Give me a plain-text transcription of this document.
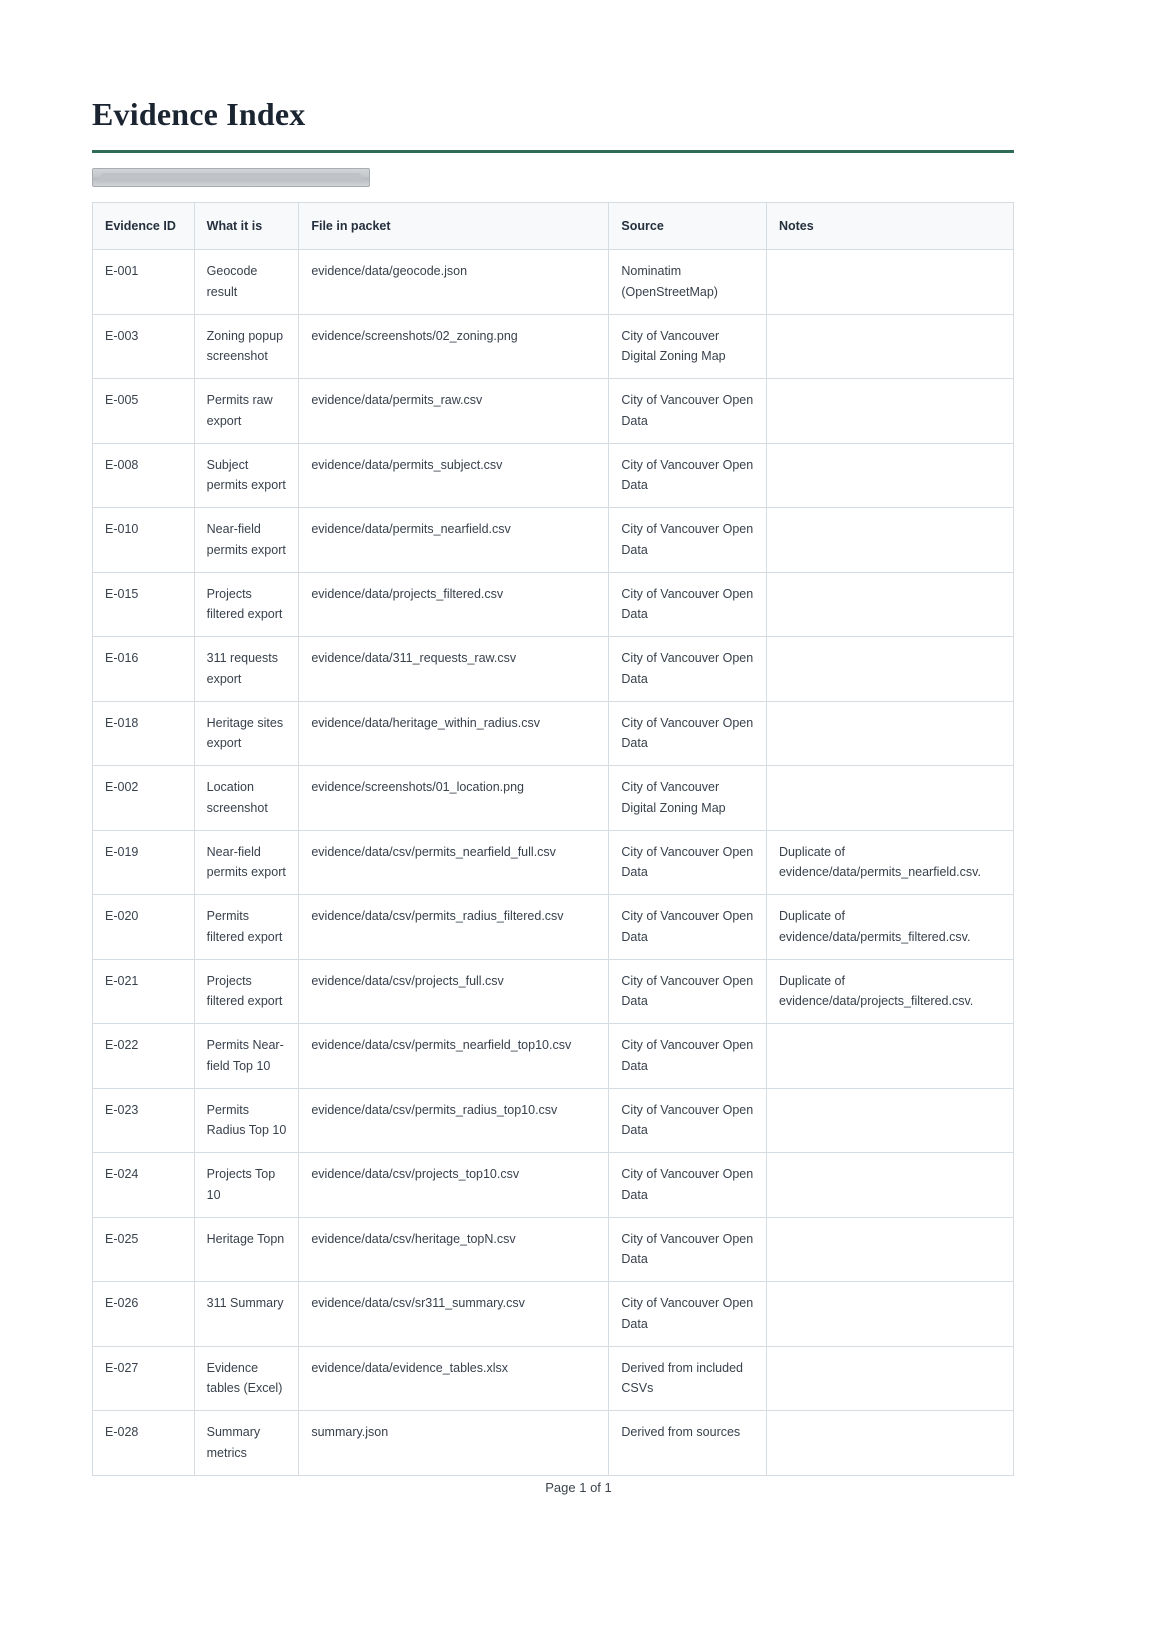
Evidence Index
Evidence ID	What it is	File in packet	Source	Notes
E-001	Geocode result	evidence/data/geocode.json	Nominatim (OpenStreetMap)	
E-003	Zoning popup screenshot	evidence/screenshots/02_zoning.png	City of Vancouver Digital Zoning Map	
E-005	Permits raw export	evidence/data/permits_raw.csv	City of Vancouver Open Data	
E-008	Subject permits export	evidence/data/permits_subject.csv	City of Vancouver Open Data	
E-010	Near-field permits export	evidence/data/permits_nearfield.csv	City of Vancouver Open Data	
E-015	Projects filtered export	evidence/data/projects_filtered.csv	City of Vancouver Open Data	
E-016	311 requests export	evidence/data/311_requests_raw.csv	City of Vancouver Open Data	
E-018	Heritage sites export	evidence/data/heritage_within_radius.csv	City of Vancouver Open Data	
E-002	Location screenshot	evidence/screenshots/01_location.png	City of Vancouver Digital Zoning Map	
E-019	Near-field permits export	evidence/data/csv/permits_nearfield_full.csv	City of Vancouver Open Data	Duplicate of evidence/data/permits_nearfield.csv.
E-020	Permits filtered export	evidence/data/csv/permits_radius_filtered.csv	City of Vancouver Open Data	Duplicate of evidence/data/permits_filtered.csv.
E-021	Projects filtered export	evidence/data/csv/projects_full.csv	City of Vancouver Open Data	Duplicate of evidence/data/projects_filtered.csv.
E-022	Permits Near-field Top 10	evidence/data/csv/permits_nearfield_top10.csv	City of Vancouver Open Data	
E-023	Permits Radius Top 10	evidence/data/csv/permits_radius_top10.csv	City of Vancouver Open Data	
E-024	Projects Top 10	evidence/data/csv/projects_top10.csv	City of Vancouver Open Data	
E-025	Heritage Topn	evidence/data/csv/heritage_topN.csv	City of Vancouver Open Data	
E-026	311 Summary	evidence/data/csv/sr311_summary.csv	City of Vancouver Open Data	
E-027	Evidence tables (Excel)	evidence/data/evidence_tables.xlsx	Derived from included CSVs	
E-028	Summary metrics	summary.json	Derived from sources	
Page 1 of 1
